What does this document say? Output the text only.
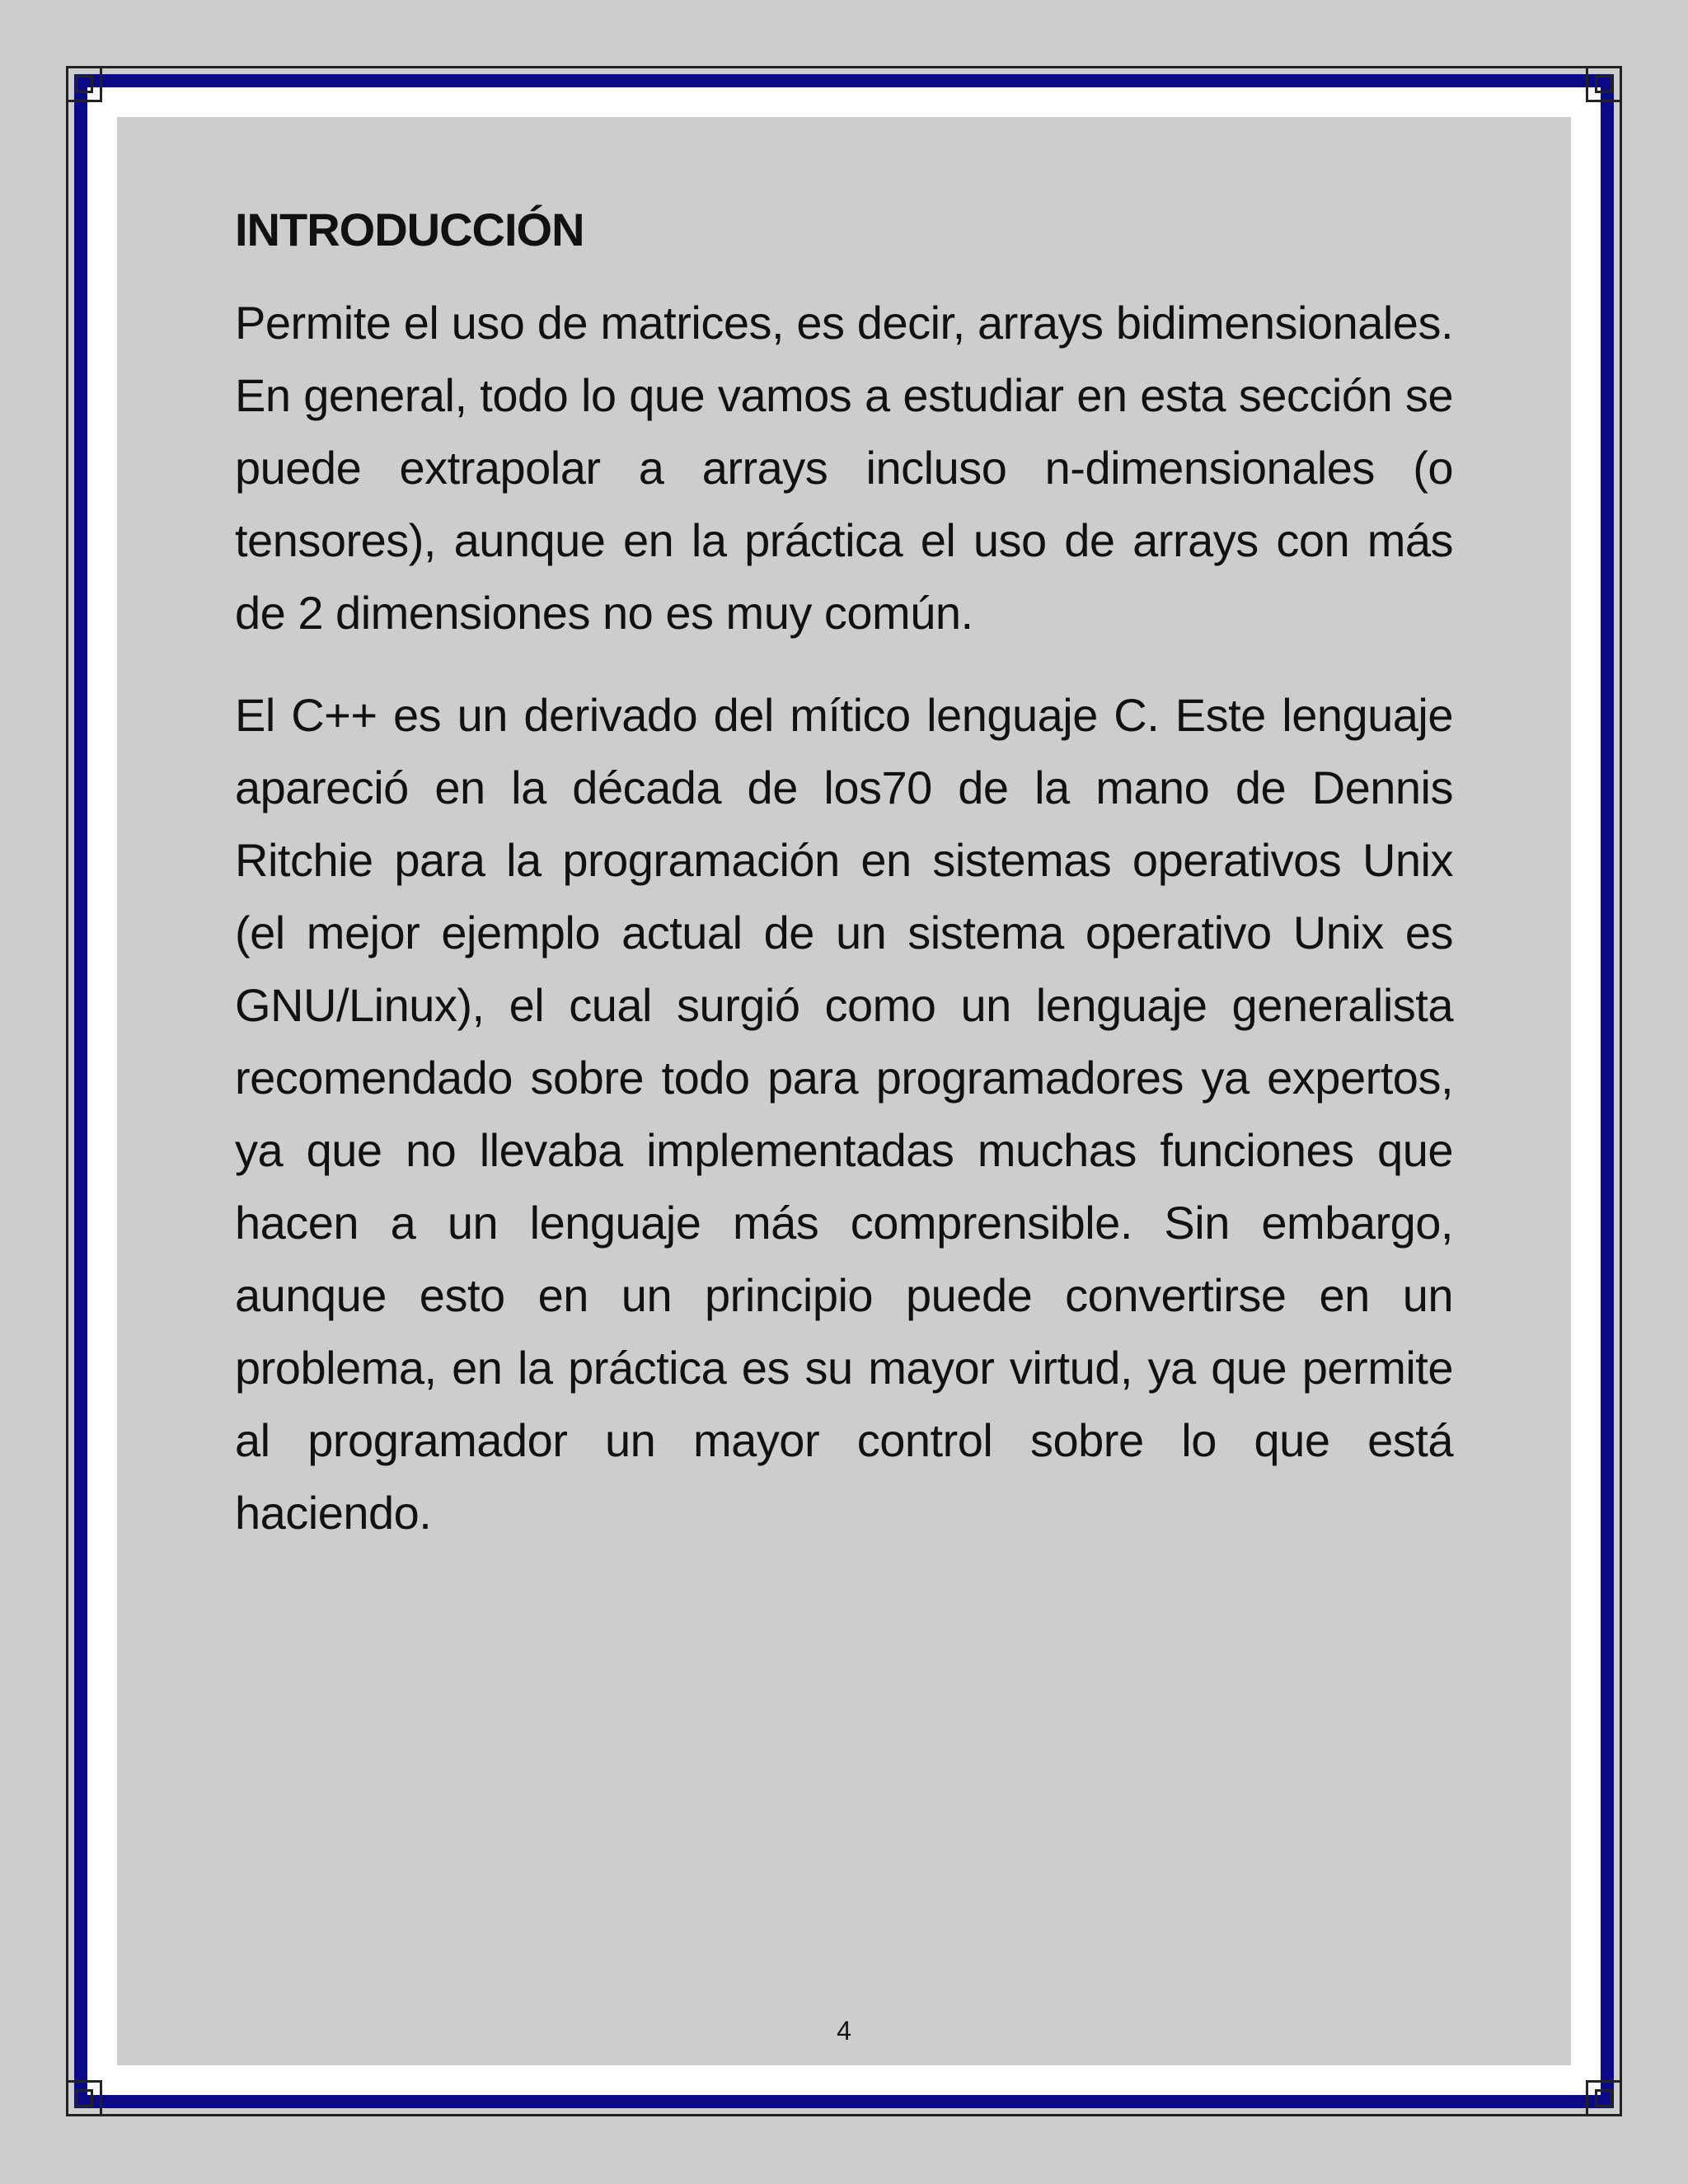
INTRODUCCIÓN

Permite el uso de matrices, es decir, arrays bidimensionales. En general, todo lo que vamos a estudiar en esta sección se puede extrapolar a arrays incluso n-dimensionales (o tensores), aunque en la práctica el uso de arrays con más de 2 dimensiones no es muy común.

El C++ es un derivado del mítico lenguaje C. Este lenguaje apareció en la década de los70 de la mano de Dennis Ritchie para la programación en sistemas operativos Unix (el mejor ejemplo actual de un sistema operativo Unix es GNU/Linux), el cual surgió como un lenguaje generalista recomendado sobre todo para programadores ya expertos, ya que no llevaba implementadas muchas funciones que hacen a un lenguaje más comprensible. Sin embargo, aunque esto en un principio puede convertirse en un problema, en la práctica es su mayor virtud, ya que permite al programador un mayor control sobre lo que está haciendo.

4
